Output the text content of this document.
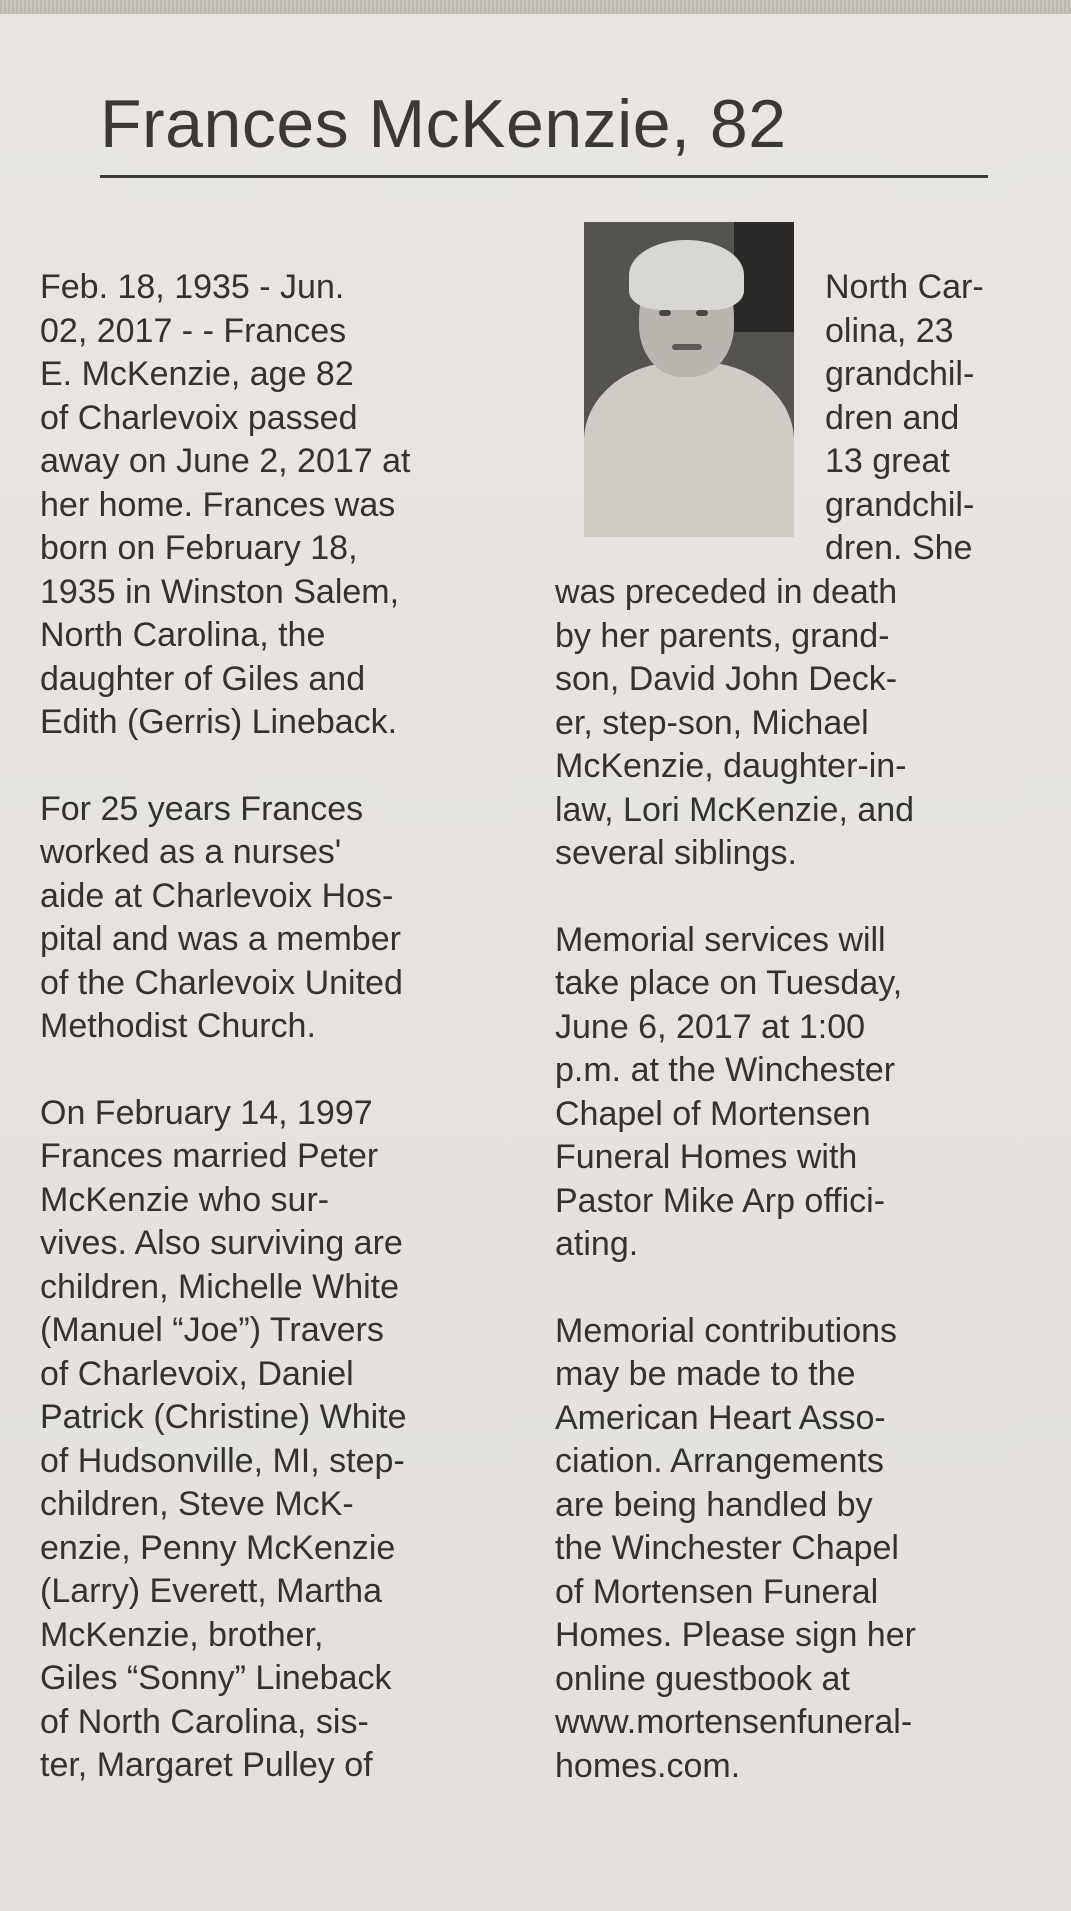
Frances McKenzie, 82

Feb. 18, 1935 - Jun.

02, 2017 - - Frances

E. McKenzie, age 82

of Charlevoix passed

away on June 2, 2017 at

her home. Frances was

born on February 18,

1935 in Winston Salem,

North Carolina, the

daughter of Giles and

Edith (Gerris) Lineback.

For 25 years Frances

worked as a nurses'

aide at Charlevoix Hos-

pital and was a member

of the Charlevoix United

Methodist Church.

On February 14, 1997

Frances married Peter

McKenzie who sur-

vives. Also surviving are

children, Michelle White

(Manuel “Joe”) Travers

of Charlevoix, Daniel

Patrick (Christine) White

of Hudsonville, MI, step-

children, Steve McK-

enzie, Penny McKenzie

(Larry) Everett, Martha

McKenzie, brother,

Giles “Sonny” Lineback

of North Carolina, sis-

ter, Margaret Pulley of

North Car-

olina, 23

grandchil-

dren and

13 great

grandchil-

dren. She

was preceded in death

by her parents, grand-

son, David John Deck-

er, step-son, Michael

McKenzie, daughter-in-

law, Lori McKenzie, and

several siblings.

Memorial services will

take place on Tuesday,

June 6, 2017 at 1:00

p.m. at the Winchester

Chapel of Mortensen

Funeral Homes with

Pastor Mike Arp offici-

ating.

Memorial contributions

may be made to the

American Heart Asso-

ciation. Arrangements

are being handled by

the Winchester Chapel

of Mortensen Funeral

Homes. Please sign her

online guestbook at

www.mortensenfuneral-

homes.com.
